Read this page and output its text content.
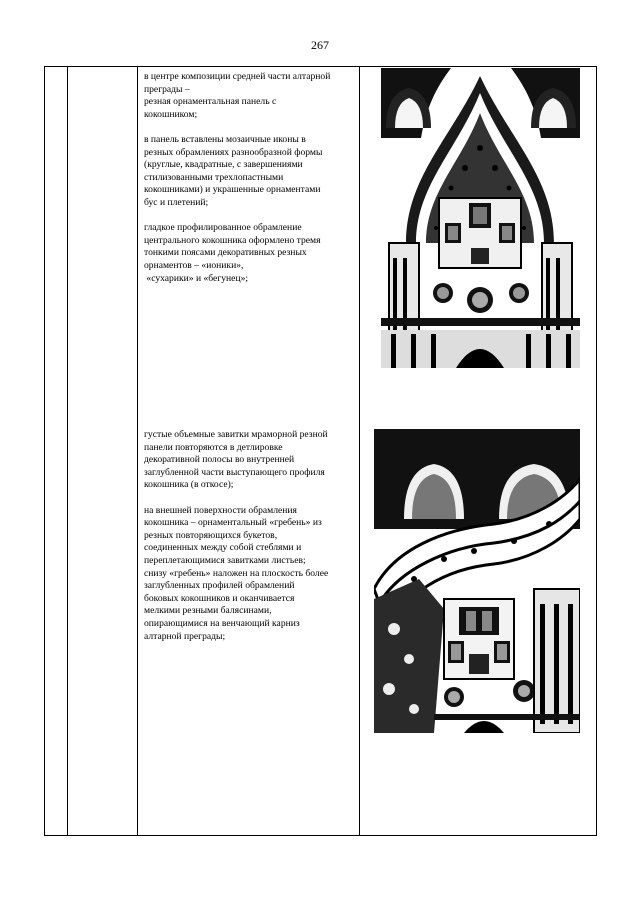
267

в центре композиции средней части алтарной
преграды –
резная орнаментальная панель с
кокошником;

в панель вставлены мозаичные иконы в
резных обрамлениях разнообразной формы
(круглые, квадратные, с завершениями
стилизованными трехлопастными
кокошниками) и украшенные орнаментами
бус и плетений;

гладкое профилированное обрамление
центрального кокошника оформлено тремя
тонкими поясами декоративных резных
орнаментов – «ионики»,
«сухарики» и «бегунец»;

густые объемные завитки мраморной резной
панели повторяются в детлировке
декоративной полосы во внутренней
заглубленной части выступающего профиля
кокошника (в откосе);

на внешней поверхности обрамления
кокошника – орнаментальный «гребень» из
резных повторяющихся букетов,
соединенных между собой стеблями и
переплетающимися завитками листьев;
снизу «гребень» наложен на плоскость более
заглубленных профилей обрамлений
боковых кокошников и оканчивается
мелкими резными балясинами,
опирающимися на венчающий карниз
алтарной преграды;
